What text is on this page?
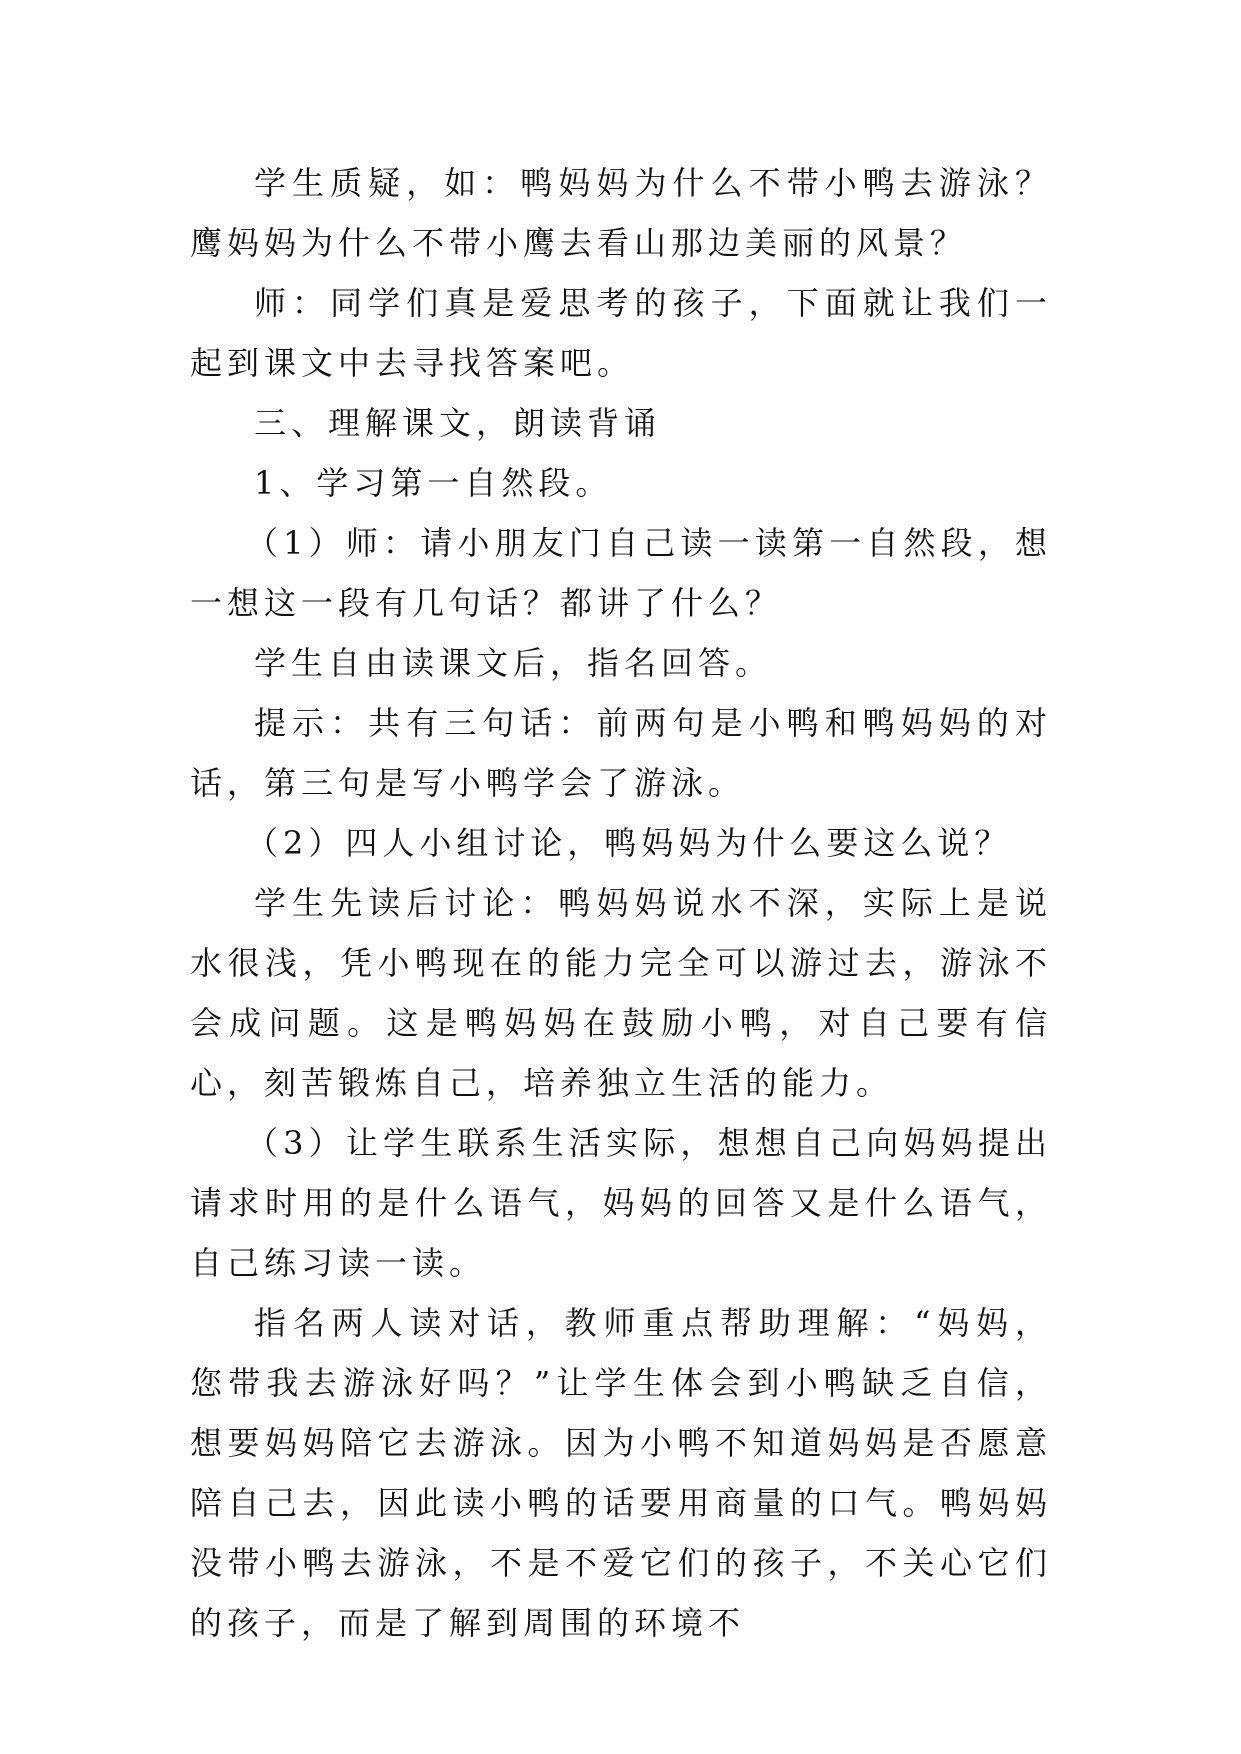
学生质疑，如：鸭妈妈为什么不带小鸭去游泳？鹰妈妈为什么不带小鹰去看山那边美丽的风景？

师：同学们真是爱思考的孩子，下面就让我们一起到课文中去寻找答案吧。

三、理解课文，朗读背诵

1、学习第一自然段。

（1）师：请小朋友门自己读一读第一自然段，想一想这一段有几句话？都讲了什么？

学生自由读课文后，指名回答。

提示：共有三句话：前两句是小鸭和鸭妈妈的对话，第三句是写小鸭学会了游泳。

（2）四人小组讨论，鸭妈妈为什么要这么说？

学生先读后讨论：鸭妈妈说水不深，实际上是说水很浅，凭小鸭现在的能力完全可以游过去，游泳不会成问题。这是鸭妈妈在鼓励小鸭，对自己要有信心，刻苦锻炼自己，培养独立生活的能力。

（3）让学生联系生活实际，想想自己向妈妈提出请求时用的是什么语气，妈妈的回答又是什么语气，自己练习读一读。

指名两人读对话，教师重点帮助理解：“妈妈，您带我去游泳好吗？”让学生体会到小鸭缺乏自信，想要妈妈陪它去游泳。因为小鸭不知道妈妈是否愿意陪自己去，因此读小鸭的话要用商量的口气。鸭妈妈没带小鸭去游泳，不是不爱它们的孩子，不关心它们的孩子，而是了解到周围的环境不
